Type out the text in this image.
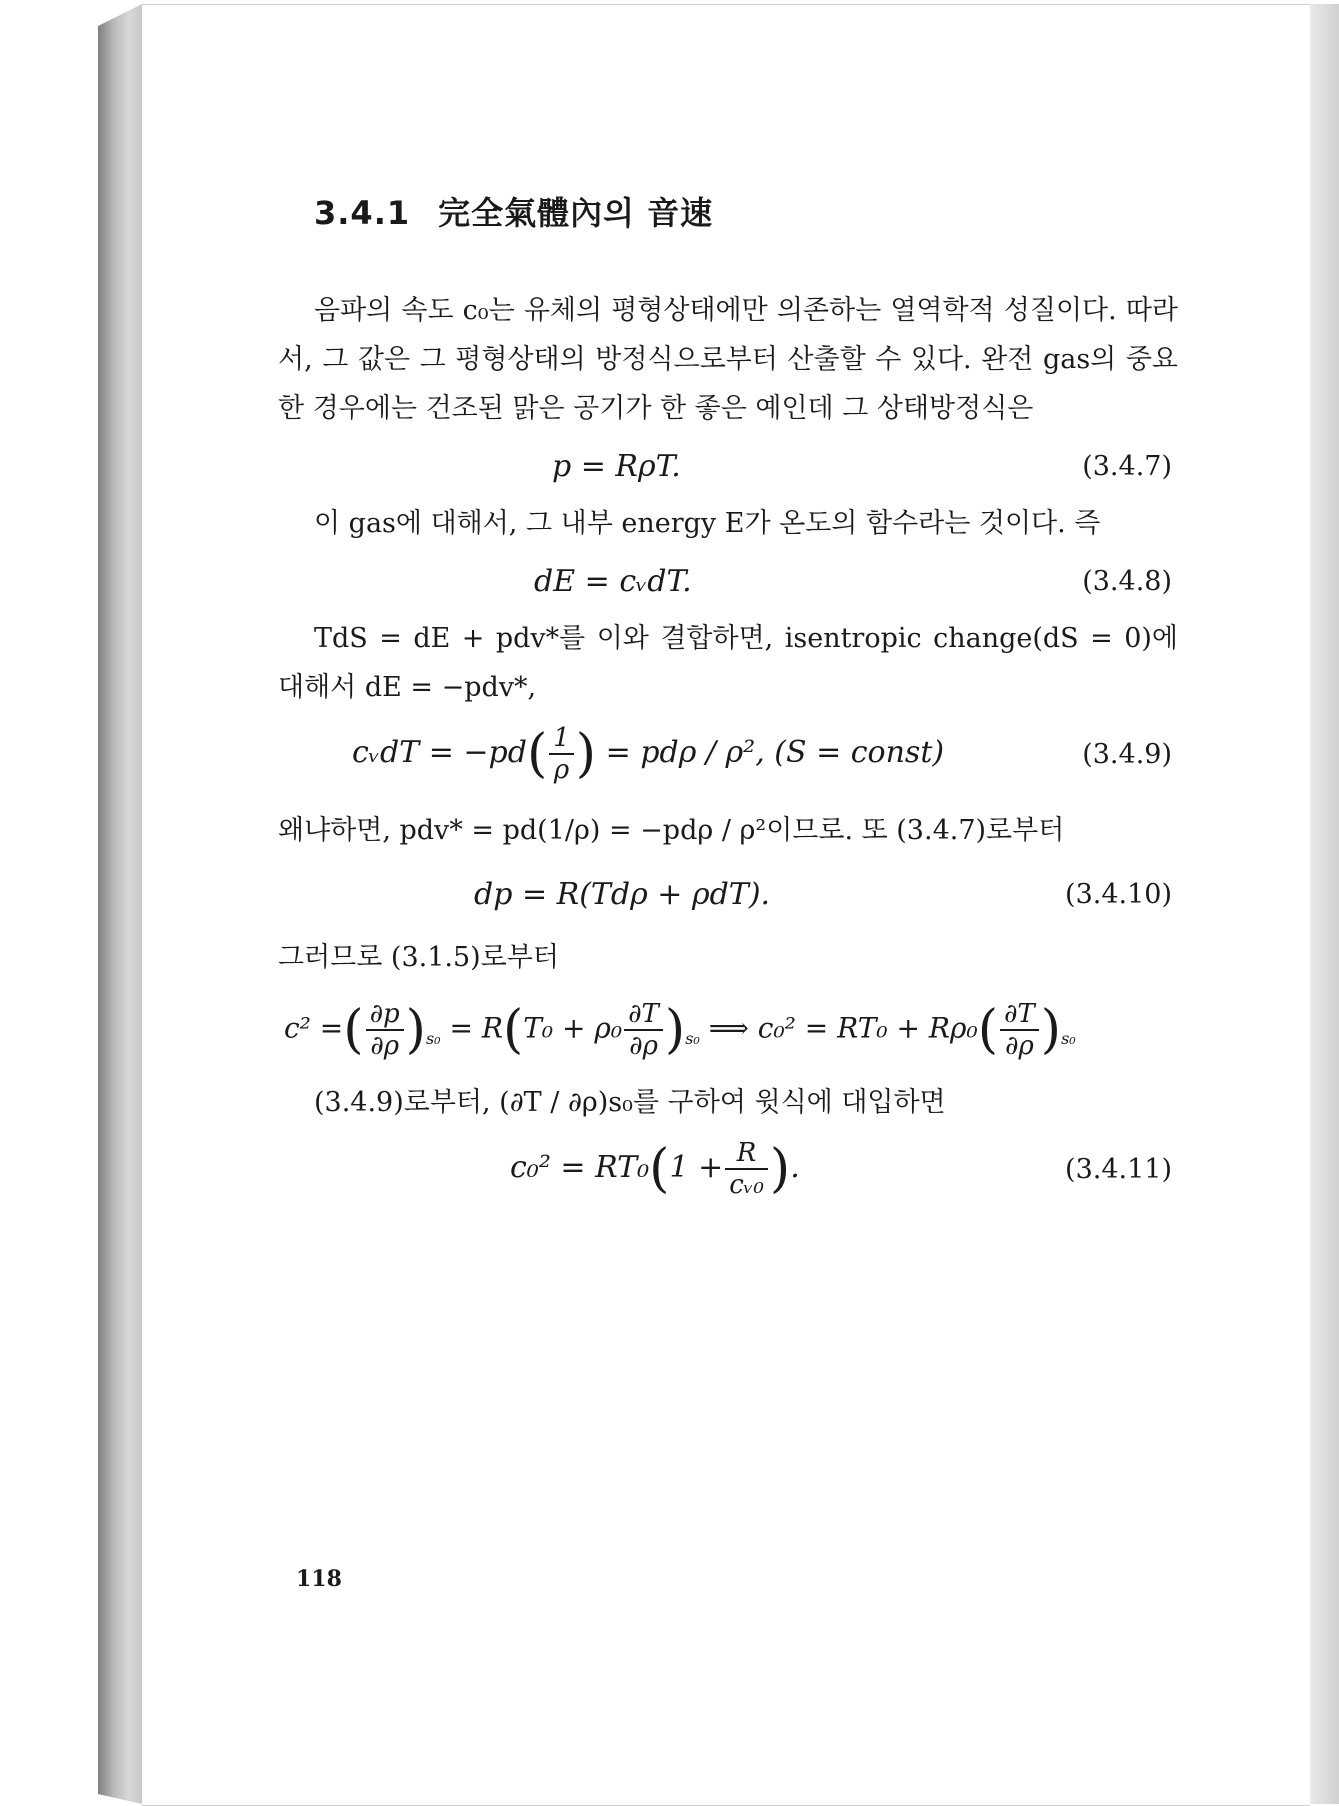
3.4.1 完全氣體內의 音速

음파의 속도 c₀는 유체의 평형상태에만 의존하는 열역학적 성질이다. 따라서, 그 값은 그 평형상태의 방정식으로부터 산출할 수 있다. 완전 gas의 중요한 경우에는 건조된 맑은 공기가 한 좋은 예인데 그 상태방정식은

p = RρT.	(3.4.7)

이 gas에 대해서, 그 내부 energy E가 온도의 함수라는 것이다. 즉

dE = cᵥdT.	(3.4.8)

TdS = dE + pdv*를 이와 결합하면, isentropic change(dS = 0)에 대해서 dE = −pdv*,

cᵥdT = $-pd( \frac{1}{\rho}$ ) = pdρ / ρ², (S = const)	(3.4.9)

왜냐하면, pdv* = pd(1/ρ) = −pdρ / ρ²이므로. 또 (3.4.7)로부터

dp = R(Tdρ + ρdT).	(3.4.10)

그러므로 (3.1.5)로부터

c² =( $\frac{\partial p}{\partial\rho} )_{s_0} = R(T_0 + \rho_0 \frac{\partial T}{\partial\rho} )_{s_0}$ ⟹ $c_0^2 = RT_0 + R\rho_0( \frac{\partial T}{\partial\rho} )_{s_0}$

(3.4.9)로부터, (∂T / ∂ρ)s₀를 구하여 윗식에 대입하면

$c_0^2 = RT_0(1 + \frac{R}{\text{cᵥ₀}}$ ).	(3.4.11)
118
